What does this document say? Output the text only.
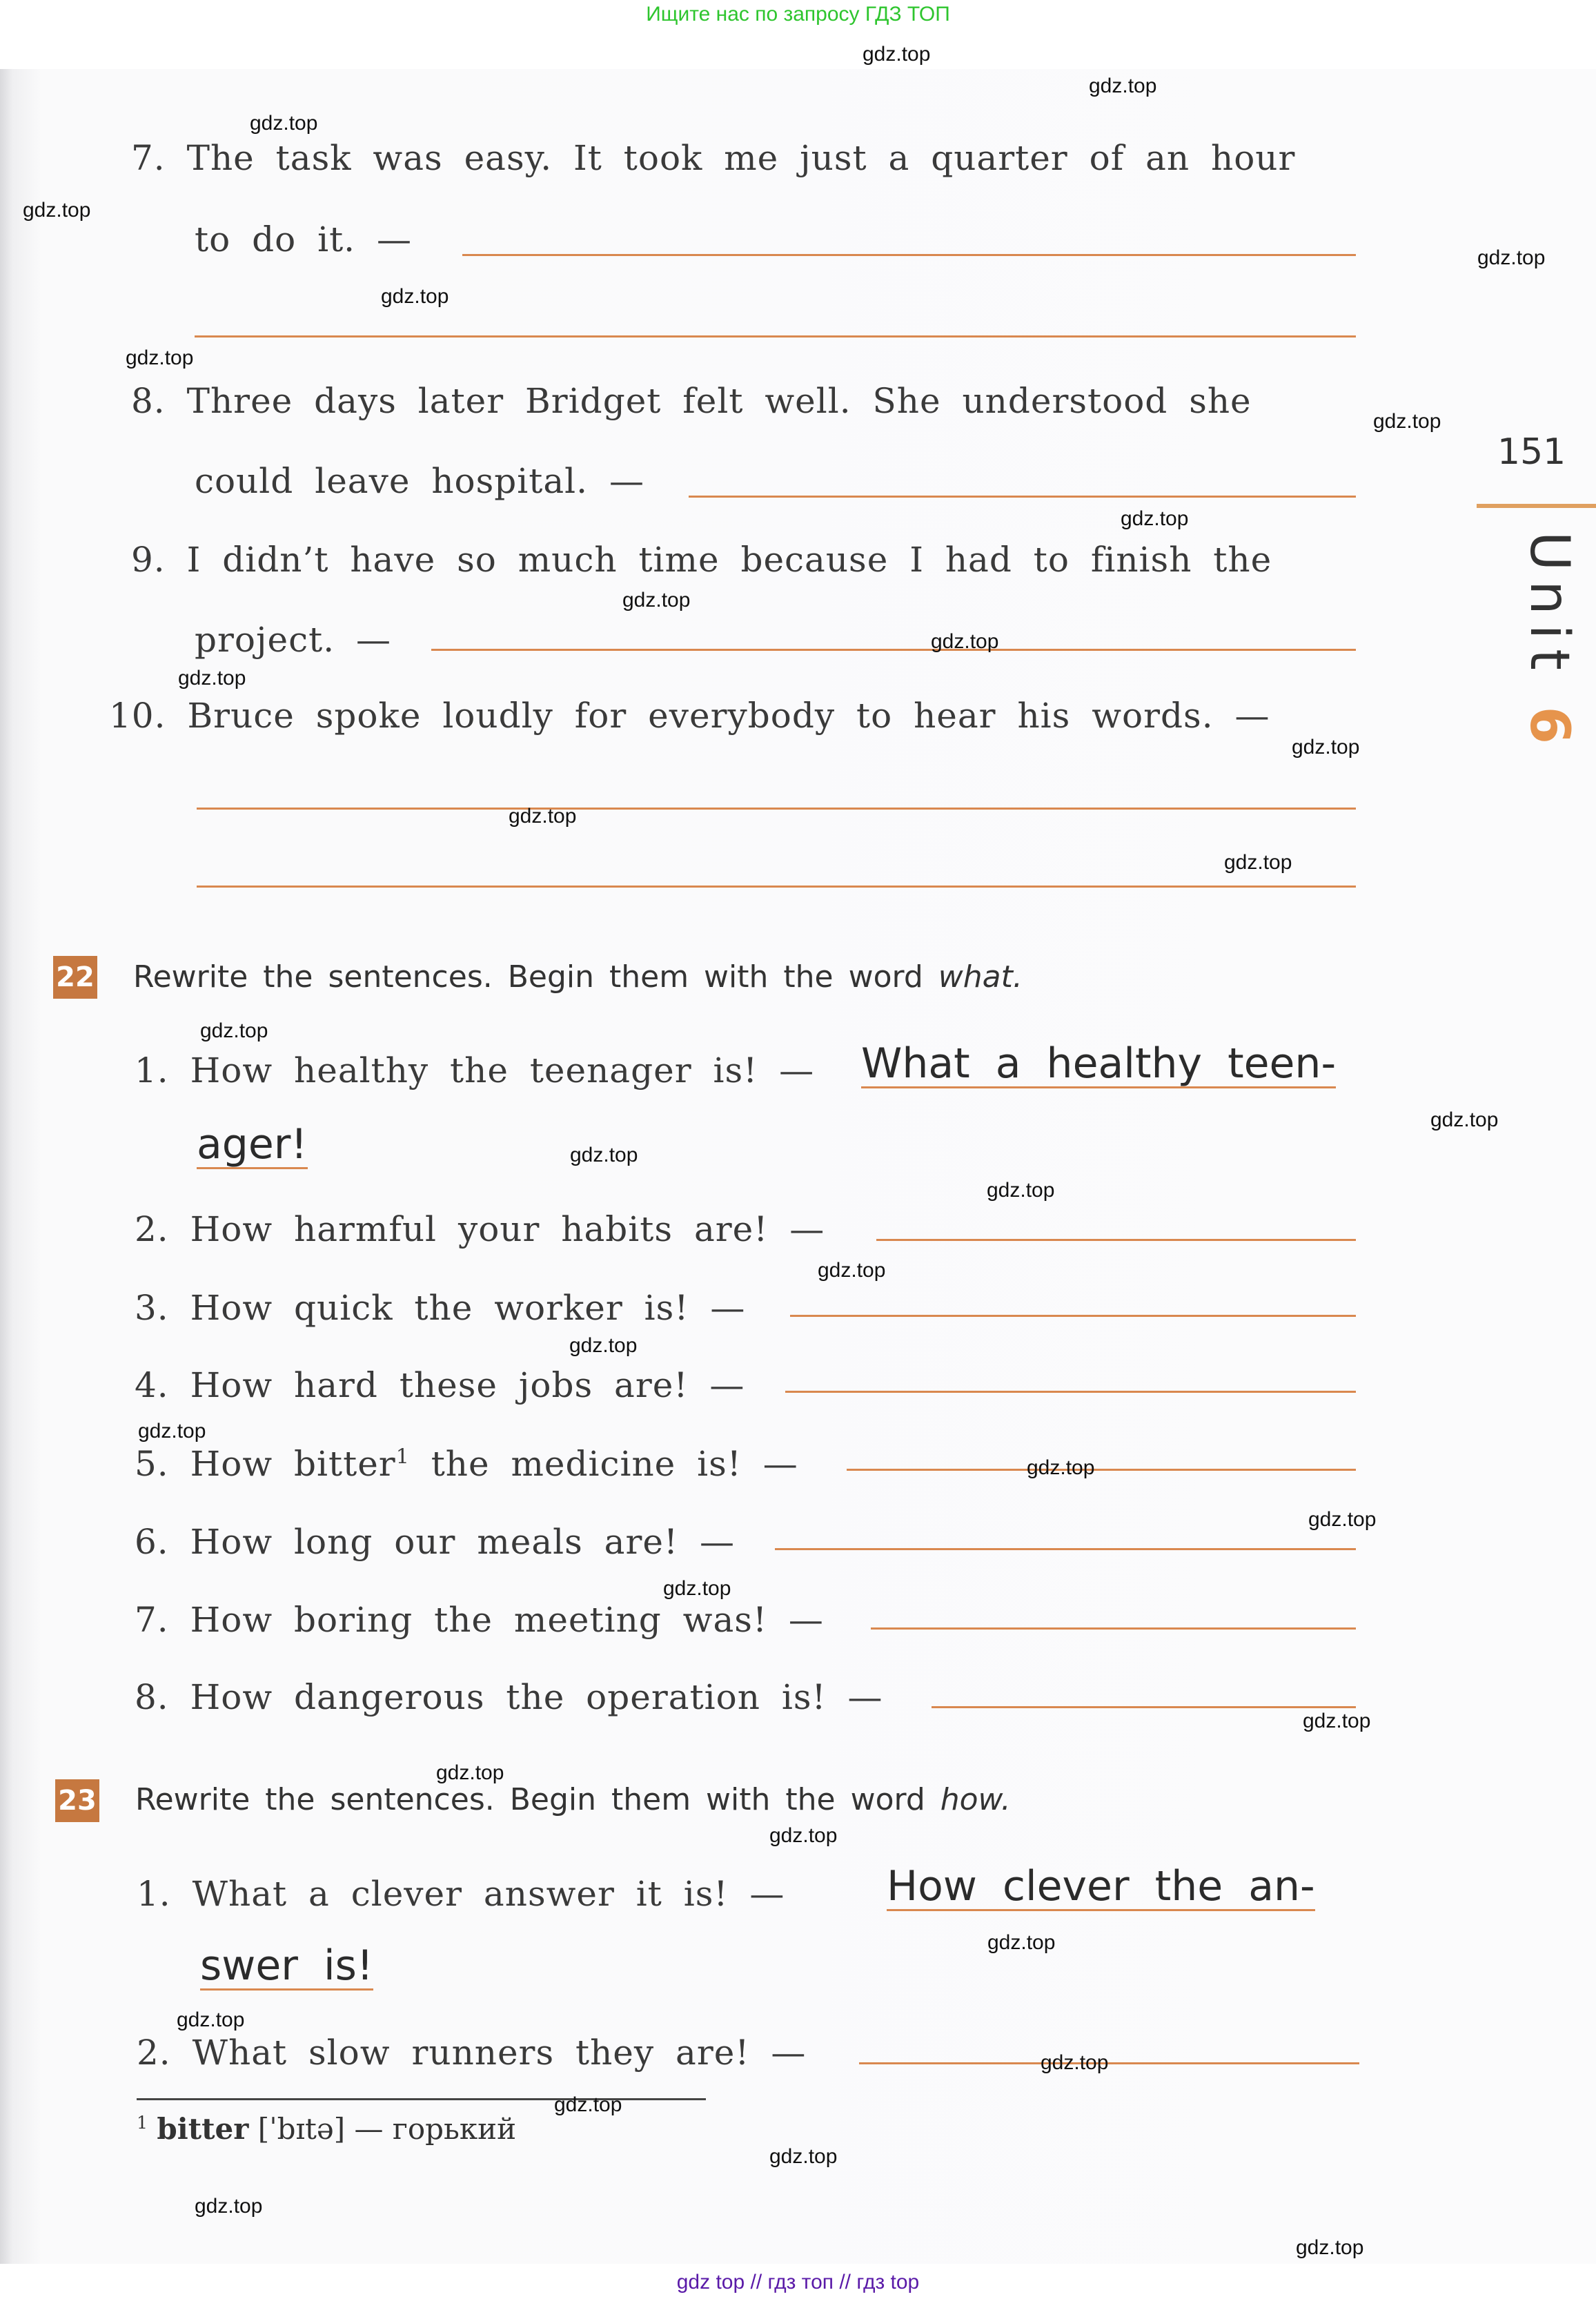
Ищите нас по запросу ГДЗ ТОП
151
Unit 6
7. The task was easy. It took me just a quarter of an hour
to do it. —
8. Three days later Bridget felt well. She understood she
could leave hospital. —
9. I didn’t have so much time because I had to finish the
project. —
10. Bruce spoke loudly for everybody to hear his words. —
22 Rewrite the sentences. Begin them with the word what.
1. How healthy the teenager is! — What a healthy teen-
ager!
2. How harmful your habits are! —
3. How quick the worker is! —
4. How hard these jobs are! —
5. How bitter$^1$ the medicine is! —
6. How long our meals are! —
7. How boring the meeting was! —
8. How dangerous the operation is! —
23 Rewrite the sentences. Begin them with the word how.
1. What a clever answer it is! — How clever the an-
swer is!
2. What slow runners they are! —
$^1$ bitter [ˈbɪtə] — горький
gdz.top
gdz.top
gdz.top
gdz.top
gdz.top
gdz.top
gdz.top
gdz.top
gdz.top
gdz.top
gdz.top
gdz.top
gdz.top
gdz.top
gdz.top
gdz.top
gdz.top
gdz.top
gdz.top
gdz.top
gdz.top
gdz.top
gdz.top
gdz.top
gdz.top
gdz.top
gdz.top
gdz.top
gdz.top
gdz.top
gdz.top
gdz.top
gdz.top
gdz.top
gdz.top
gdz top // гдз топ // гдз top
